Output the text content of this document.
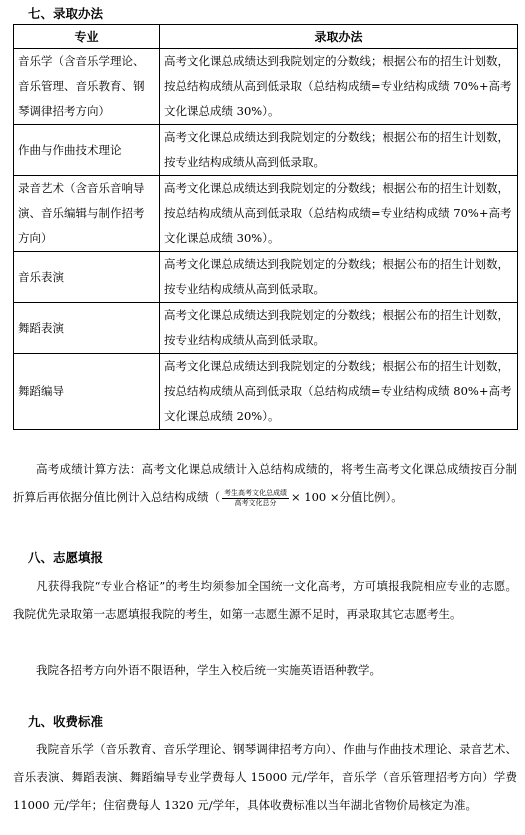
七、录取办法
专业	录取办法
音乐学（含音乐学理论、音乐管理、音乐教育、钢琴调律招考方向）	高考文化课总成绩达到我院划定的分数线；根据公布的招生计划数，按总结构成绩从高到低录取（总结构成绩=专业结构成绩 70%+高考文化课总成绩 30%）。
作曲与作曲技术理论	高考文化课总成绩达到我院划定的分数线；根据公布的招生计划数，按专业结构成绩从高到低录取。
录音艺术（含音乐音响导演、音乐编辑与制作招考方向）	高考文化课总成绩达到我院划定的分数线；根据公布的招生计划数，按总结构成绩从高到低录取（总结构成绩=专业结构成绩 70%+高考文化课总成绩 30%）。
音乐表演	高考文化课总成绩达到我院划定的分数线；根据公布的招生计划数，按专业结构成绩从高到低录取。
舞蹈表演	高考文化课总成绩达到我院划定的分数线；根据公布的招生计划数，按专业结构成绩从高到低录取。
舞蹈编导	高考文化课总成绩达到我院划定的分数线；根据公布的招生计划数，按总结构成绩从高到低录取（总结构成绩=专业结构成绩 80%+高考文化课总成绩 20%）。
高考成绩计算方法：高考文化课总成绩计入总结构成绩的，将考生高考文化课总成绩按百分制折算后再依据分值比例计入总结构成绩（ $\frac{\text{考生高考文化总成绩}}{\text{高考文化总分}} \times 100$ ×分值比例）。
八、志愿填报
凡获得我院“专业合格证”的考生均须参加全国统一文化高考，方可填报我院相应专业的志愿。我院优先录取第一志愿填报我院的考生，如第一志愿生源不足时，再录取其它志愿考生。
我院各招考方向外语不限语种，学生入校后统一实施英语语种教学。
九、收费标准
我院音乐学（音乐教育、音乐学理论、钢琴调律招考方向）、作曲与作曲技术理论、录音艺术、音乐表演、舞蹈表演、舞蹈编导专业学费每人 15000 元/学年，音乐学（音乐管理招考方向）学费 11000 元/学年；住宿费每人 1320 元/学年，具体收费标准以当年湖北省物价局核定为准。
